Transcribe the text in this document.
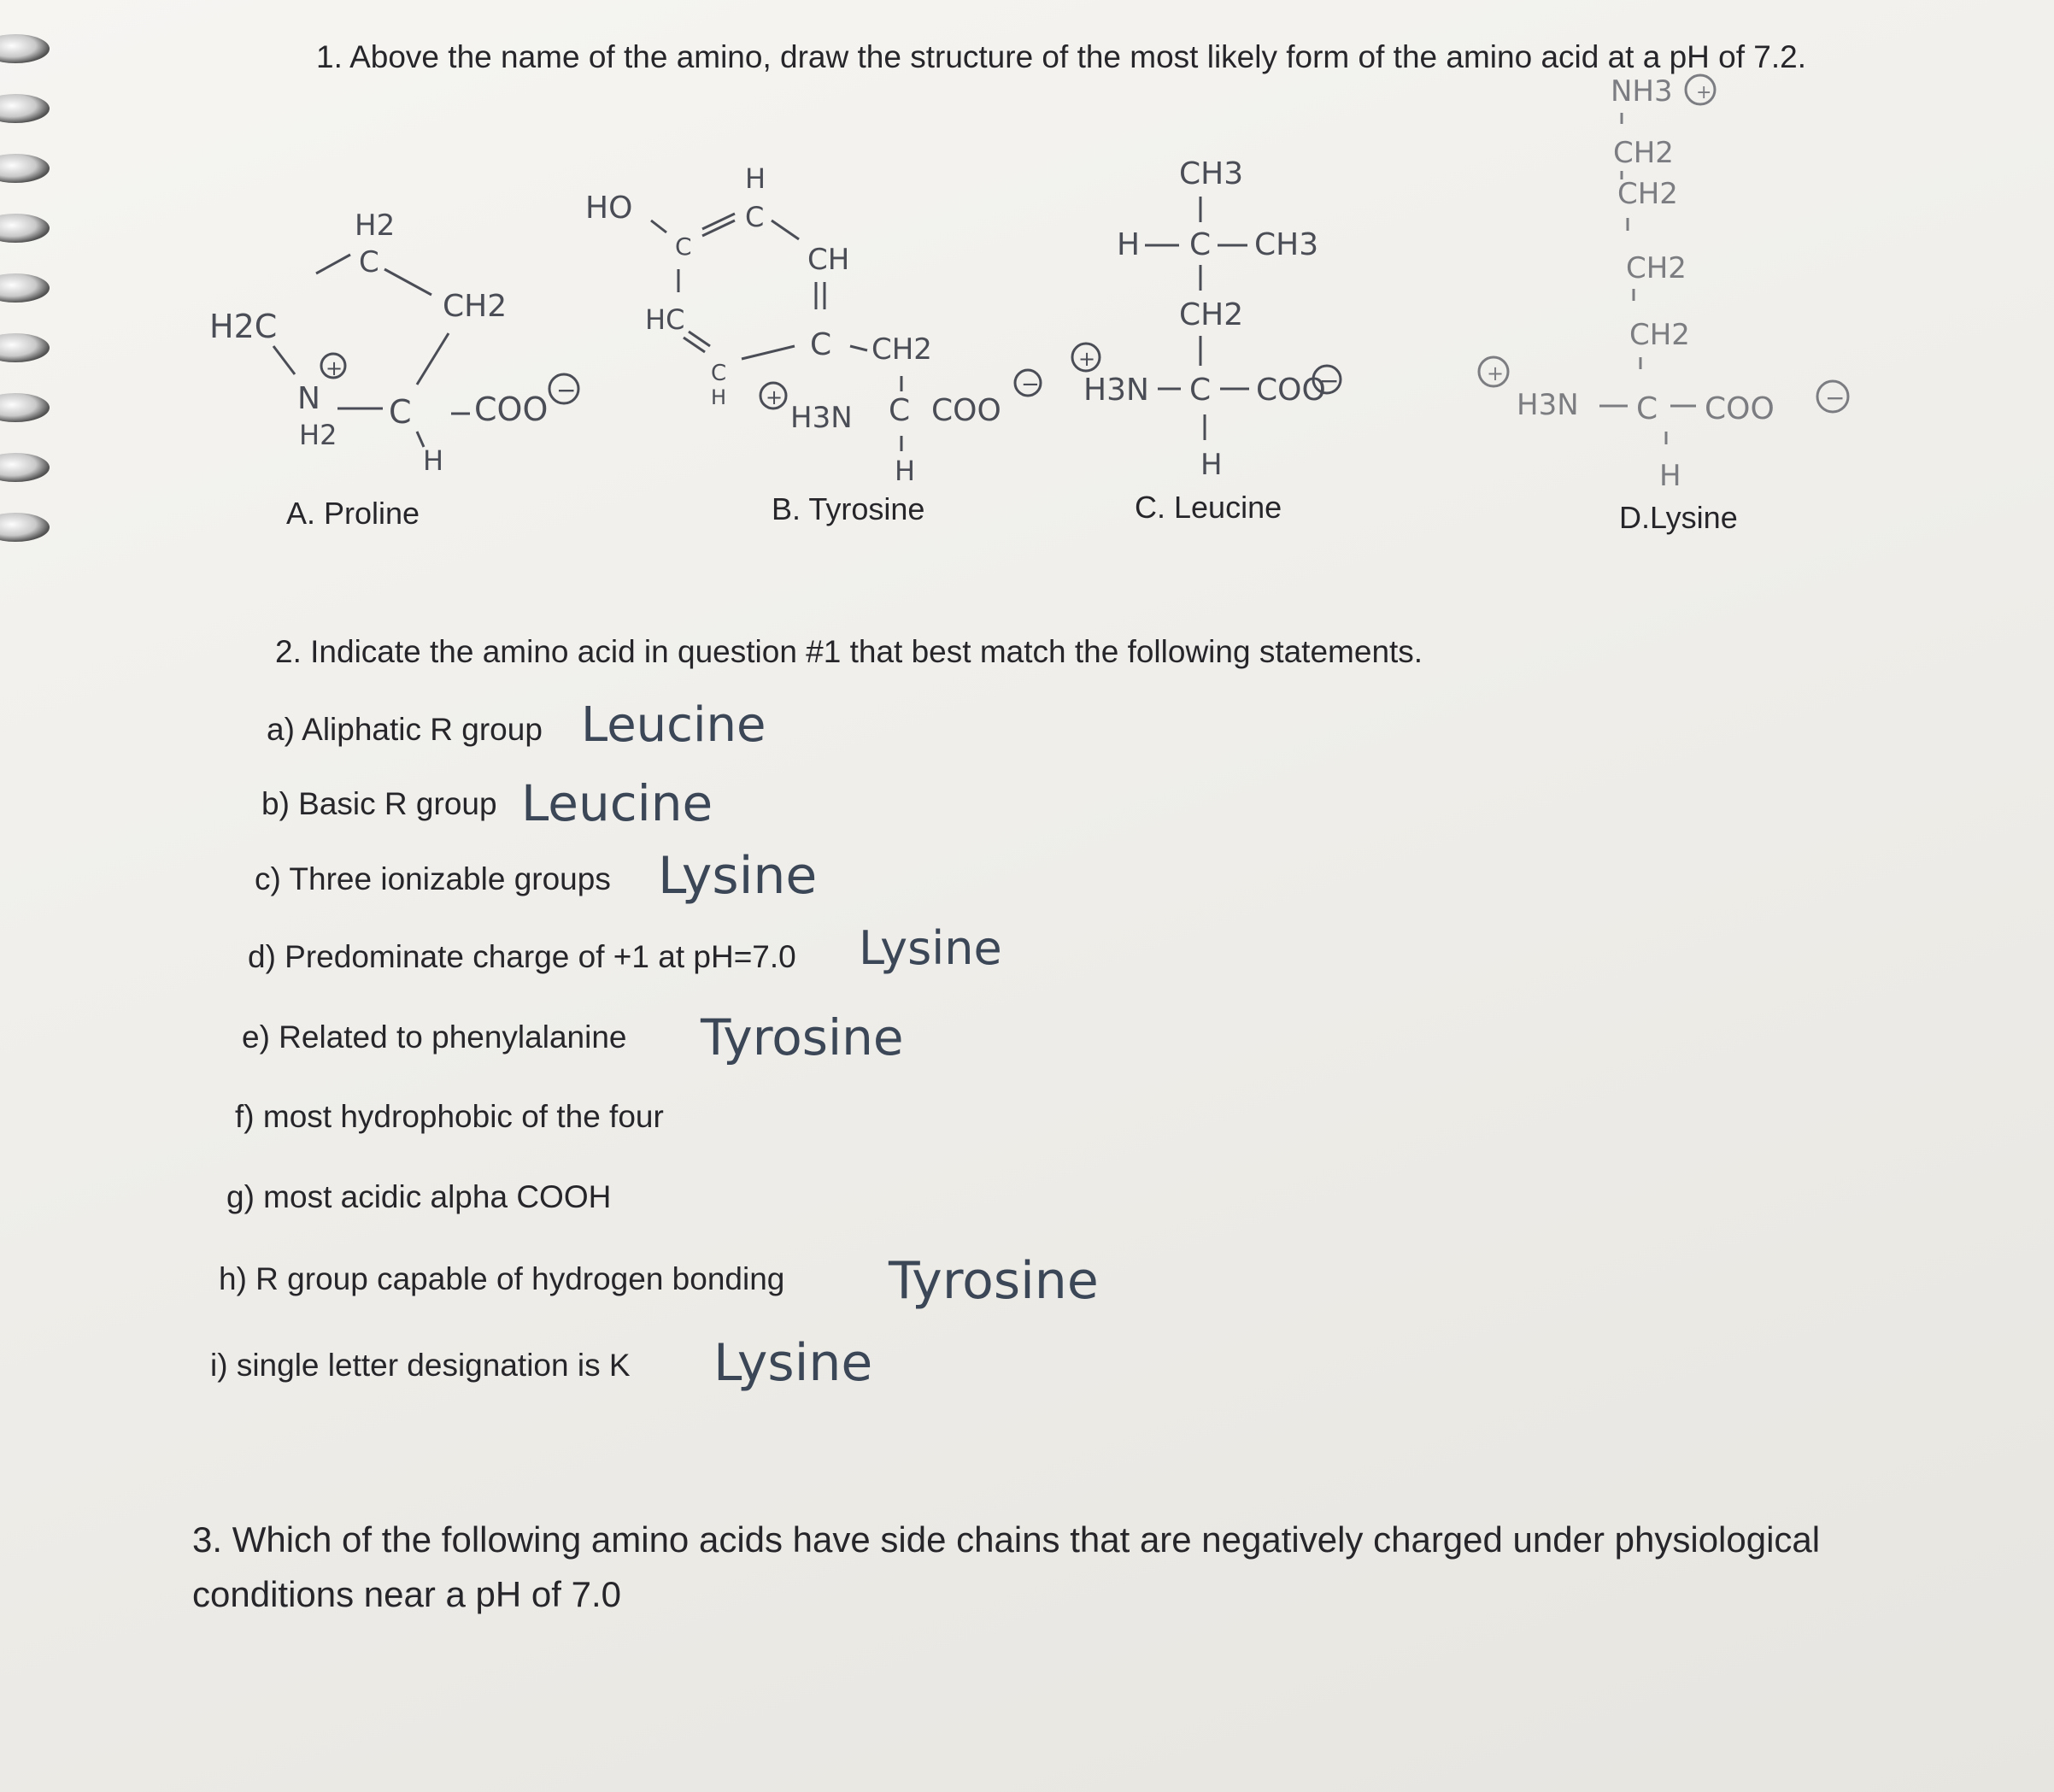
1. Above the name of the amino, draw the structure of the most likely form of the amino acid at a pH of 7.2.
H2
C
H2C
CH2
N
H2
C
H
COO
+
−
HO
H
C
C	CH
HC
C CH2
C
H
H3N C COO
H
+	−
CH3
H C CH3
CH2
H3N C COO
H
+
−
NH3 +
CH2
CH2
CH2
CH2
H3N C COO
H
+
−
A. Proline	B. Tyrosine	C. Leucine	D.Lysine
2. Indicate the amino acid in question #1 that best match the following statements.
a) Aliphatic R group Leucine
b) Basic R group Leucine
c) Three ionizable groups Lysine
d) Predominate charge of +1 at pH=7.0 Lysine
e) Related to phenylalanine Tyrosine
f) most hydrophobic of the four
g) most acidic alpha COOH
h) R group capable of hydrogen bonding Tyrosine
i) single letter designation is K Lysine
3. Which of the following amino acids have side chains that are negatively charged under physiological conditions near a pH of 7.0
